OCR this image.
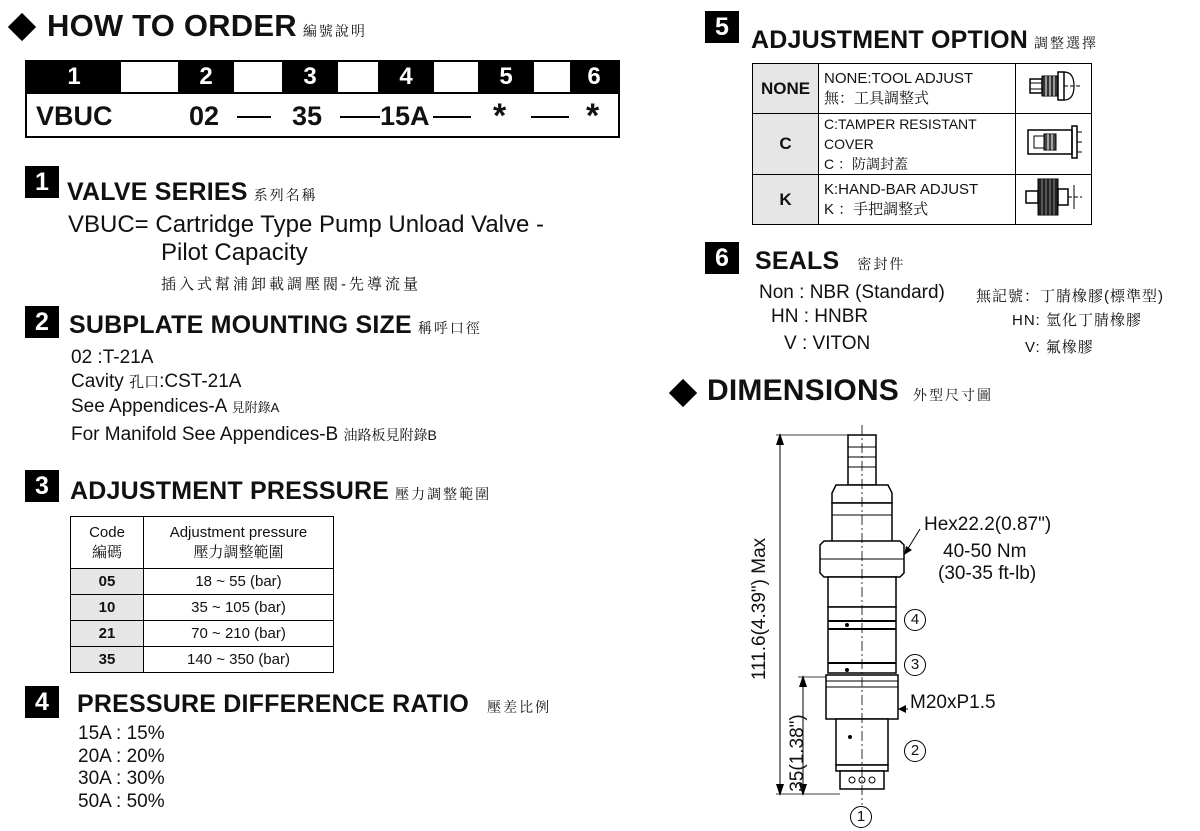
HOW TO ORDER 編號說明
1	2	3	4	5	6
VBUC	02	35 15A * *
1 VALVE SERIES 系列名稱
VBUC= Cartridge Type Pump Unload Valve -
Pilot Capacity
插入式幫浦卸載調壓閥-先導流量
2 SUBPLATE MOUNTING SIZE 稱呼口徑
02 :T-21A
Cavity 孔口:CST-21A
See Appendices-A 見附錄A
For Manifold See Appendices-B 油路板見附錄B
3 ADJUSTMENT PRESSURE 壓力調整範圍
Code
編碼	Adjustment pressure
壓力調整範圍
05	18 ~ 55 (bar)
10	35 ~ 105 (bar)
21	70 ~ 210 (bar)
35	140 ~ 350 (bar)
4	PRESSURE DIFFERENCE RATIO 壓差比例
15A : 15%
20A : 20%
30A : 30%
50A : 50%
5 ADJUSTMENT OPTION 調整選擇
NONE	NONE:TOOL ADJUST
無：工具調整式	
C	C:TAMPER RESISTANT COVER
C ：防調封蓋	
K	K:HAND-BAR ADJUST
K ：手把調整式	
6	SEALS 密封件
Non : NBR (Standard) 無記號：丁腈橡膠(標準型)
HN : HNBR	HN: 氫化丁腈橡膠
V : VITON	V: 氟橡膠
DIMENSIONS 外型尺寸圖
111.6(4.39") Max
35(1.38")
Hex22.2(0.87")
40-50 Nm
(30-35 ft-lb)
M20xP1.5
4
3
2
1
